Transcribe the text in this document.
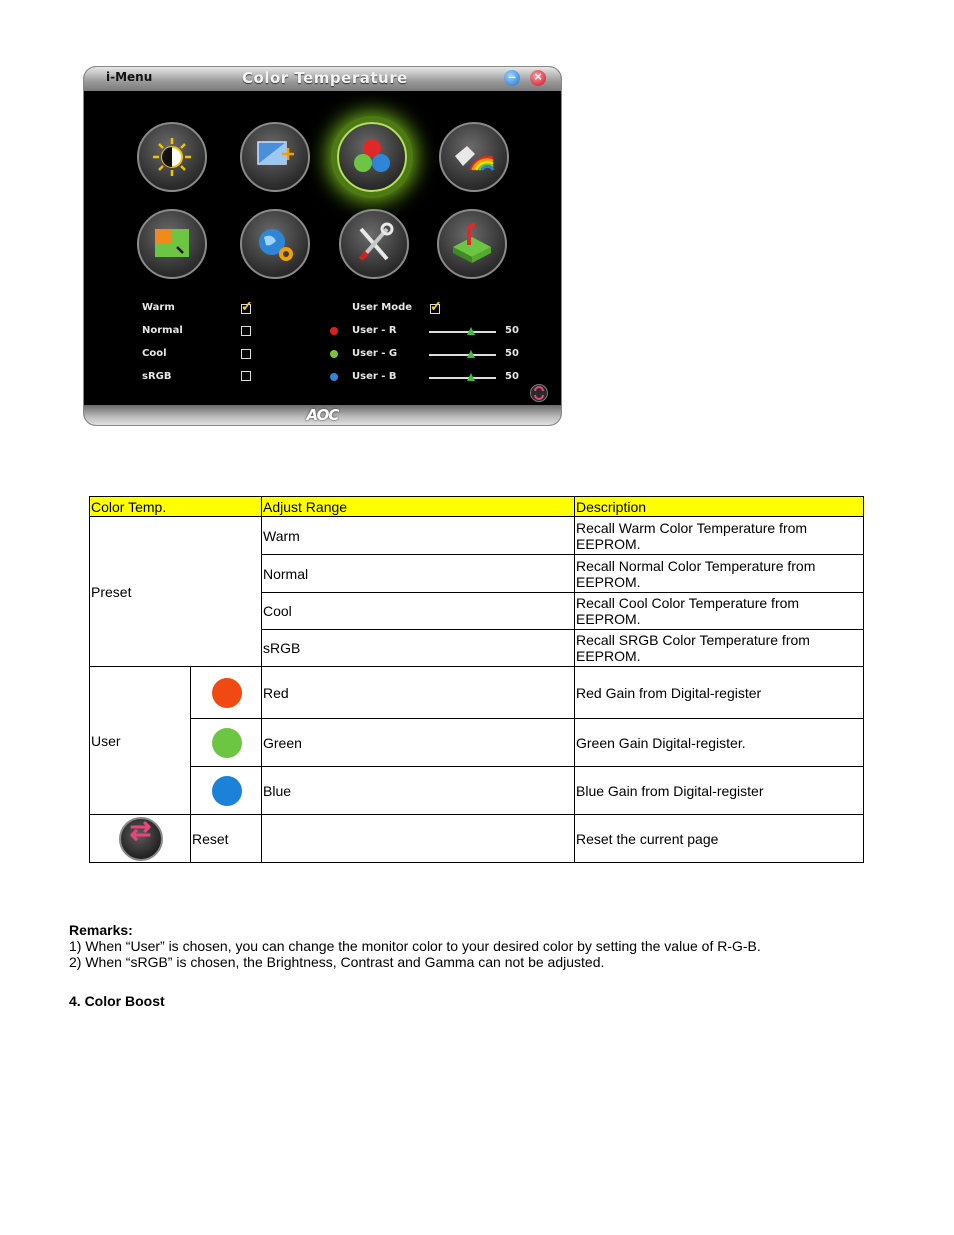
i-Menu	Color Temperature	–	×
Warm
Normal
Cool
sRGB
✓	User Mode ✓
User - R
User - G
User - B
50
50
50
AOC
Color Temp.		Adjust Range	Description
Preset		Warm	Recall Warm Color Temperature from
EEPROM.
		Normal	Recall Normal Color Temperature from
EEPROM.
		Cool	Recall Cool Color Temperature from
EEPROM.
		sRGB	Recall SRGB Color Temperature from
EEPROM.
User		Red	Red Gain from Digital-register

		Green	Green Gain Digital-register.

		Blue	Blue Gain from Digital-register

⇄	Reset		Reset the current page
Remarks:
1) When “User” is chosen, you can change the monitor color to your desired color by setting the value of R-G-B.
2) When “sRGB” is chosen, the Brightness, Contrast and Gamma can not be adjusted.
4. Color Boost
